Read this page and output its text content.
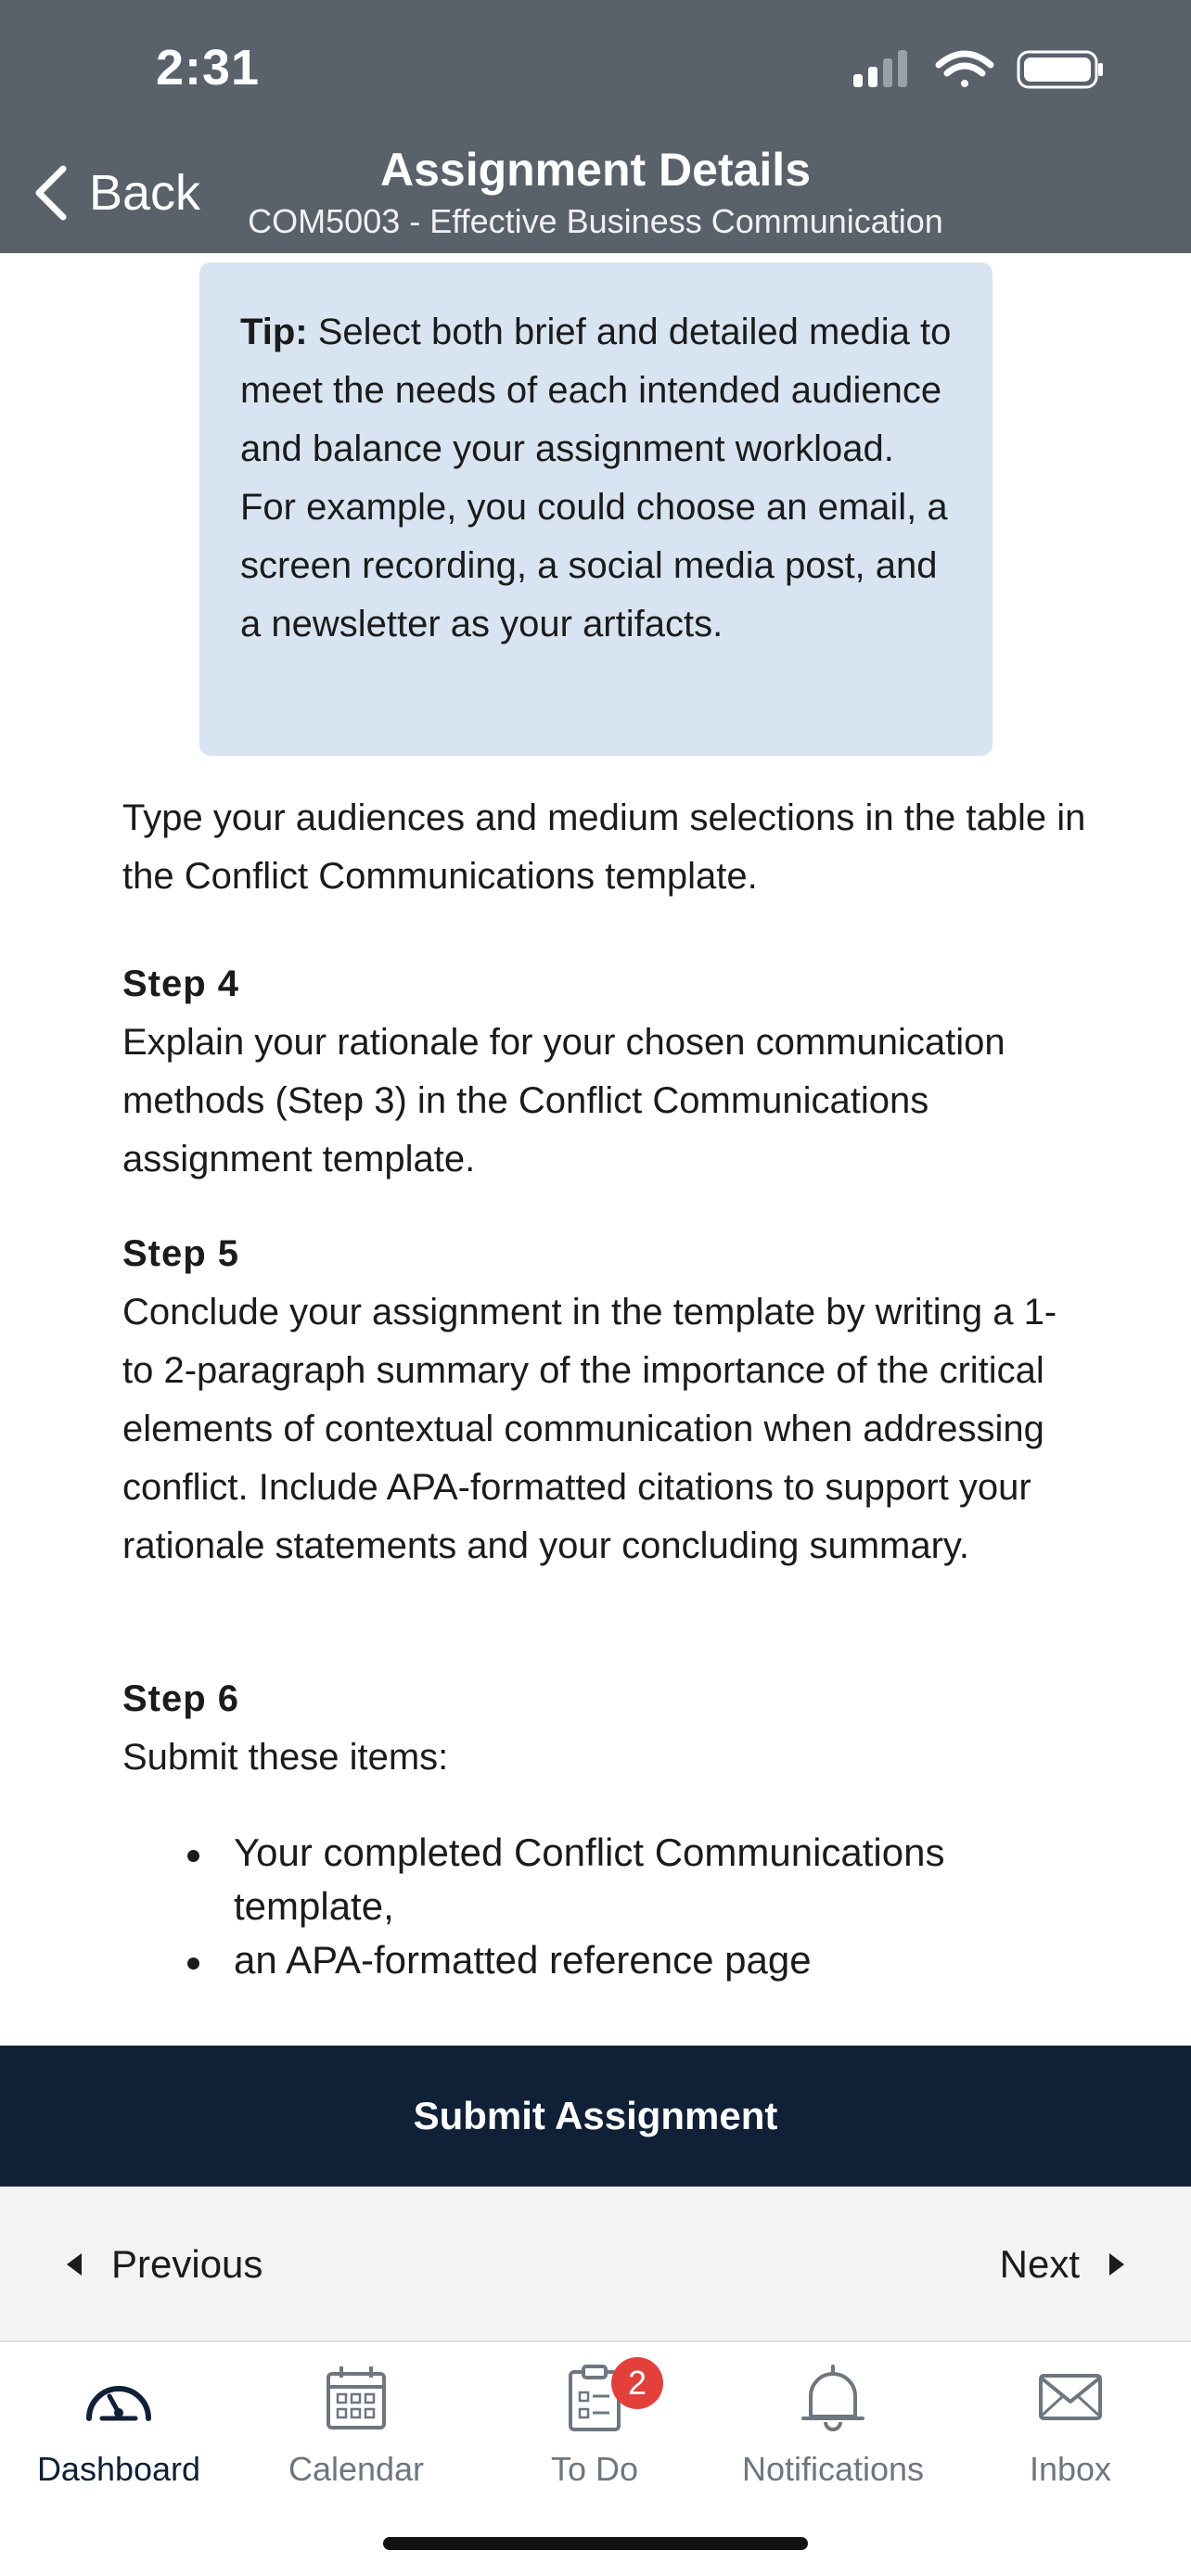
2:31
Back	Assignment Details
COM5003 - Effective Business Communication
Tip: Select both brief and detailed media to meet the needs of each intended audience and balance your assignment workload. For example, you could choose an email, a screen recording, a social media post, and a newsletter as your artifacts.
Type your audiences and medium selections in the table in the Conflict Communications template.
Step 4
Explain your rationale for your chosen communication methods (Step 3) in the Conflict Communications assignment template.
Step 5
Conclude your assignment in the template by writing a 1- to 2-paragraph summary of the importance of the critical elements of contextual communication when addressing conflict. Include APA-formatted citations to support your rationale statements and your concluding summary.
Step 6
Submit these items:
Your completed Conflict Communications template,
an APA-formatted reference page
Submit Assignment
Previous	Next
Dashboard	Calendar
2
To Do	Notifications	Inbox
